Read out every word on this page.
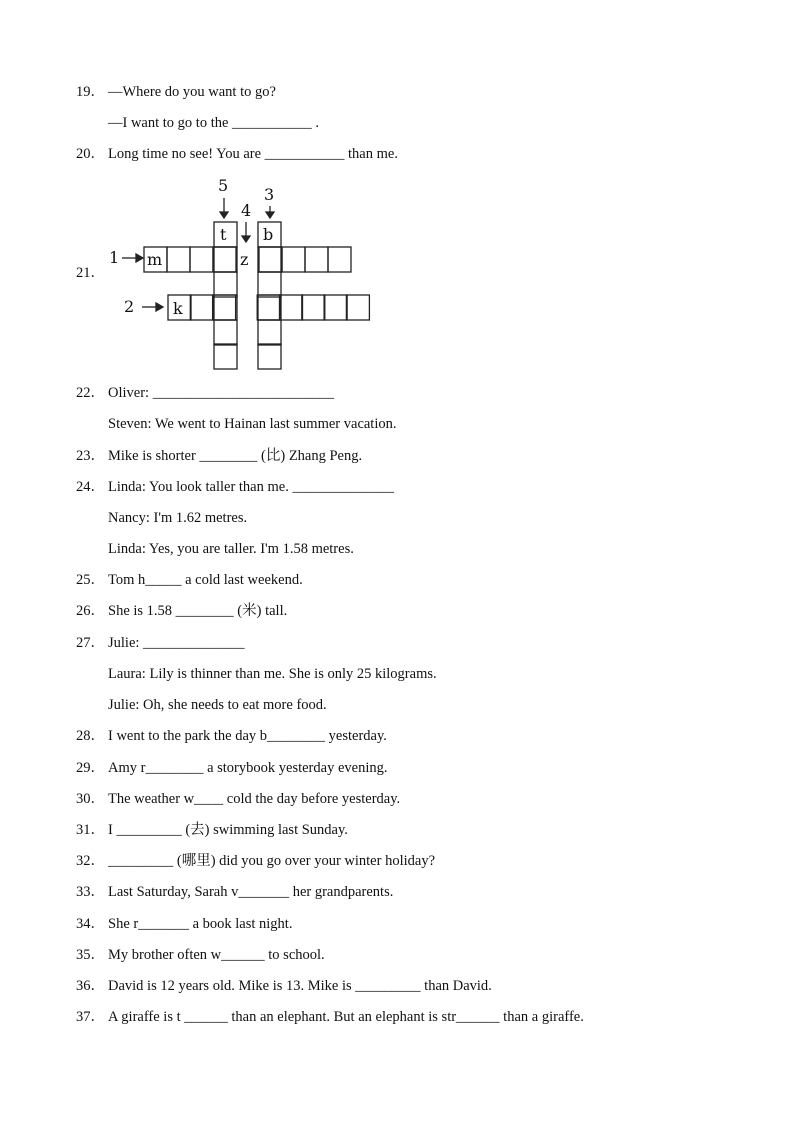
5
4
3
1
2
t b
m	z
k
19． —Where do you want to go?
—I want to go to the ___________ .
20． Long time no see! You are ___________ than me.
21．
22． Oliver: _________________________
Steven: We went to Hainan last summer vacation.
23． Mike is shorter ________ (比) Zhang Peng.
24． Linda: You look taller than me. ______________
Nancy: I'm 1.62 metres.
Linda: Yes, you are taller. I'm 1.58 metres.
25． Tom h_____ a cold last weekend.
26． She is 1.58 ________ (米) tall.
27． Julie: ______________
Laura: Lily is thinner than me. She is only 25 kilograms.
Julie: Oh, she needs to eat more food.
28． I went to the park the day b________ yesterday.
29． Amy r________ a storybook yesterday evening.
30． The weather w____ cold the day before yesterday.
31． I _________ (去) swimming last Sunday.
32． _________ (哪里) did you go over your winter holiday?
33． Last Saturday, Sarah v_______ her grandparents.
34． She r_______ a book last night.
35． My brother often w______ to school.
36． David is 12 years old. Mike is 13. Mike is _________ than David.
37． A giraffe is t ______ than an elephant. But an elephant is str______ than a giraffe.
